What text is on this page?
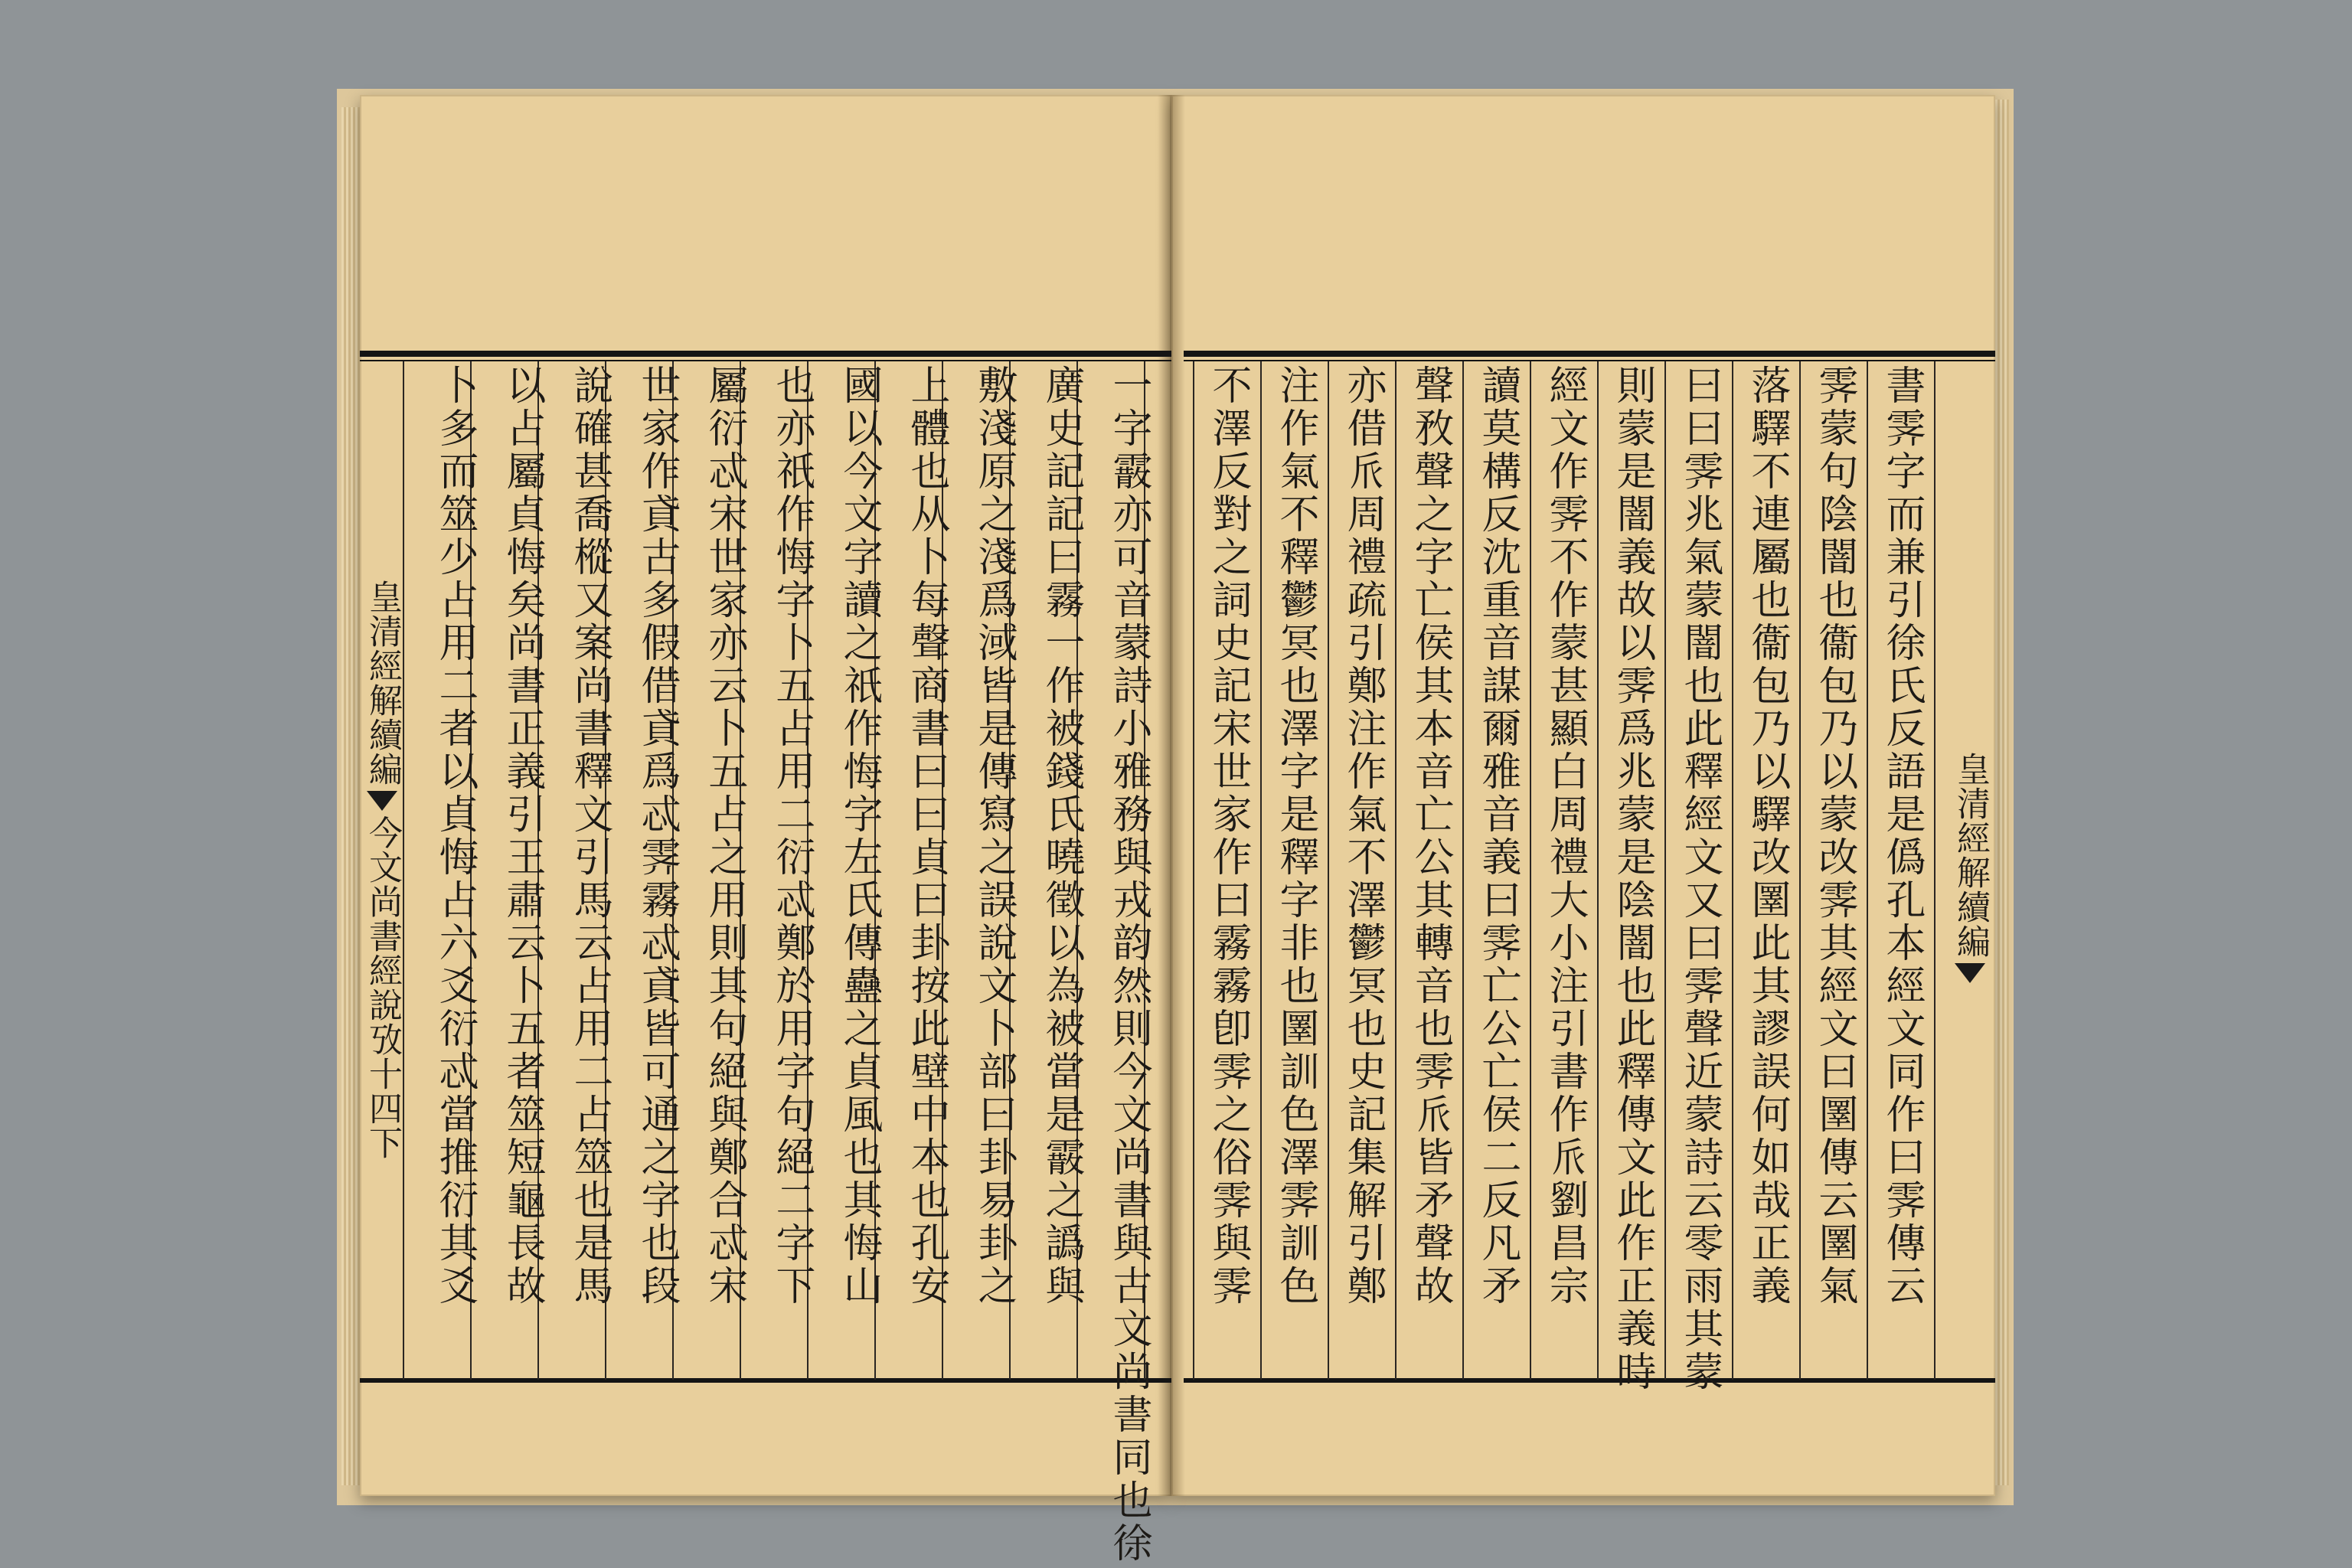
皇清經解續編
今文尚書經說攷十四下	皇清經解續編
一字霰亦可音蒙詩小雅務與戎韵然則今文尚書與古文尚書同也徐
廣史記記曰霧一作被錢氏曉徵以為被當是霰之譌與
敷淺原之淺爲淢皆是傳寫之誤說文卜部曰卦易卦之
上體也从卜每聲商書曰曰貞曰卦按此壁中本也孔安
國以今文字讀之祇作悔字左氏傳蠱之貞風也其悔山
也亦祇作悔字卜五占用二衍忒鄭於用字句絕二字下
屬衍忒宋世家亦云卜五占之用則其句絕與鄭合忒宋
世家作貣古多假借貣爲忒霁霧忒貣皆可通之字也段
說確甚喬樅又案尚書釋文引馬云占用二占筮也是馬
以占屬貞悔矣尚書正義引王肅云卜五者筮短龜長故
卜多而筮少占用二者以貞悔占六爻衍忒當推衍其爻	書霁字而兼引徐氏反語是僞孔本經文同作曰霁傳云
霁蒙句陰闇也衞包乃以蒙改霁其經文曰圛傳云圛氣
落驛不連屬也衞包乃以驛改圛此其謬誤何如哉正義
曰曰霁兆氣蒙闇也此釋經文又曰霁聲近蒙詩云零雨其蒙
則蒙是闇義故以霁爲兆蒙是陰闇也此釋傳文此作正義時
經文作霁不作蒙甚顯白周禮大小注引書作𠂢劉昌宗
讀莫構反沈重音謀爾雅音義曰霁亡公亡侯二反凡矛
聲敄聲之字亡侯其本音亡公其轉音也霁𠂢皆矛聲故
亦借𠂢周禮疏引鄭注作氣不澤鬱冥也史記集解引鄭
注作氣不釋鬱冥也澤字是釋字非也圛訓色澤霁訓色
不澤反對之詞史記宋世家作曰霧霧卽霁之俗霁與霁
